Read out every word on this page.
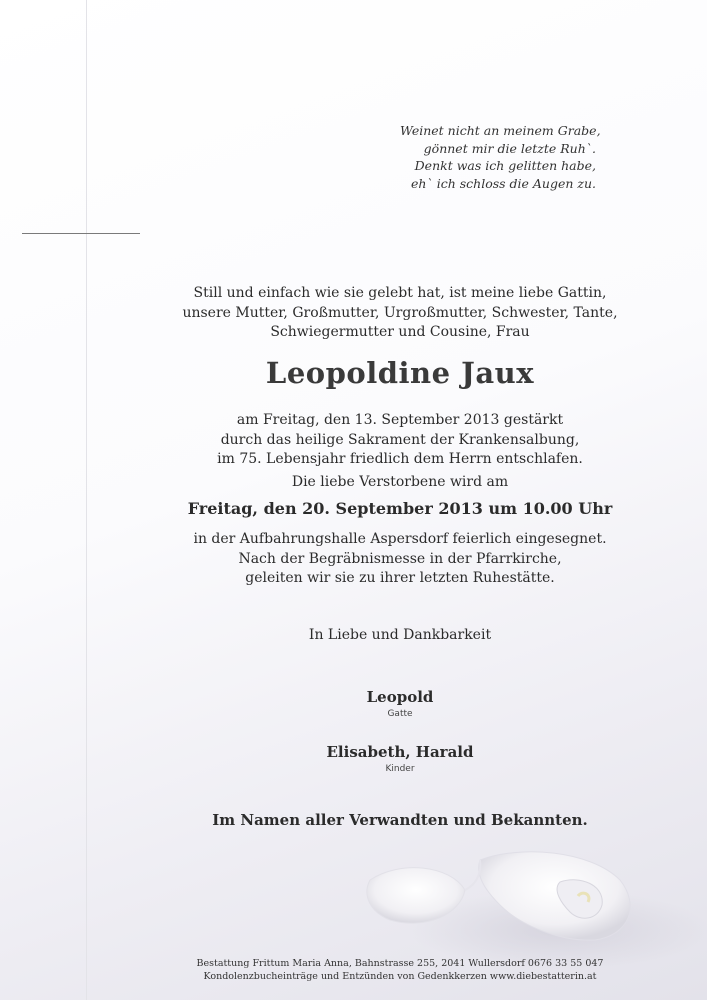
Weinet nicht an meinem Grabe,
gönnet mir die letzte Ruh`.
Denkt was ich gelitten habe,
eh` ich schloss die Augen zu.
Still und einfach wie sie gelebt hat, ist meine liebe Gattin,
unsere Mutter, Großmutter, Urgroßmutter, Schwester, Tante,
Schwiegermutter und Cousine, Frau
Leopoldine Jaux
am Freitag, den 13. September 2013 gestärkt
durch das heilige Sakrament der Krankensalbung,
im 75. Lebensjahr friedlich dem Herrn entschlafen.
Die liebe Verstorbene wird am
Freitag, den 20. September 2013 um 10.00 Uhr
in der Aufbahrungshalle Aspersdorf feierlich eingesegnet.
Nach der Begräbnismesse in der Pfarrkirche,
geleiten wir sie zu ihrer letzten Ruhestätte.
In Liebe und Dankbarkeit
Leopold
Gatte
Elisabeth, Harald
Kinder
Im Namen aller Verwandten und Bekannten.
Bestattung Frittum Maria Anna, Bahnstrasse 255, 2041 Wullersdorf 0676 33 55 047
Kondolenzbucheinträge und Entzünden von Gedenkkerzen www.diebestatterin.at
